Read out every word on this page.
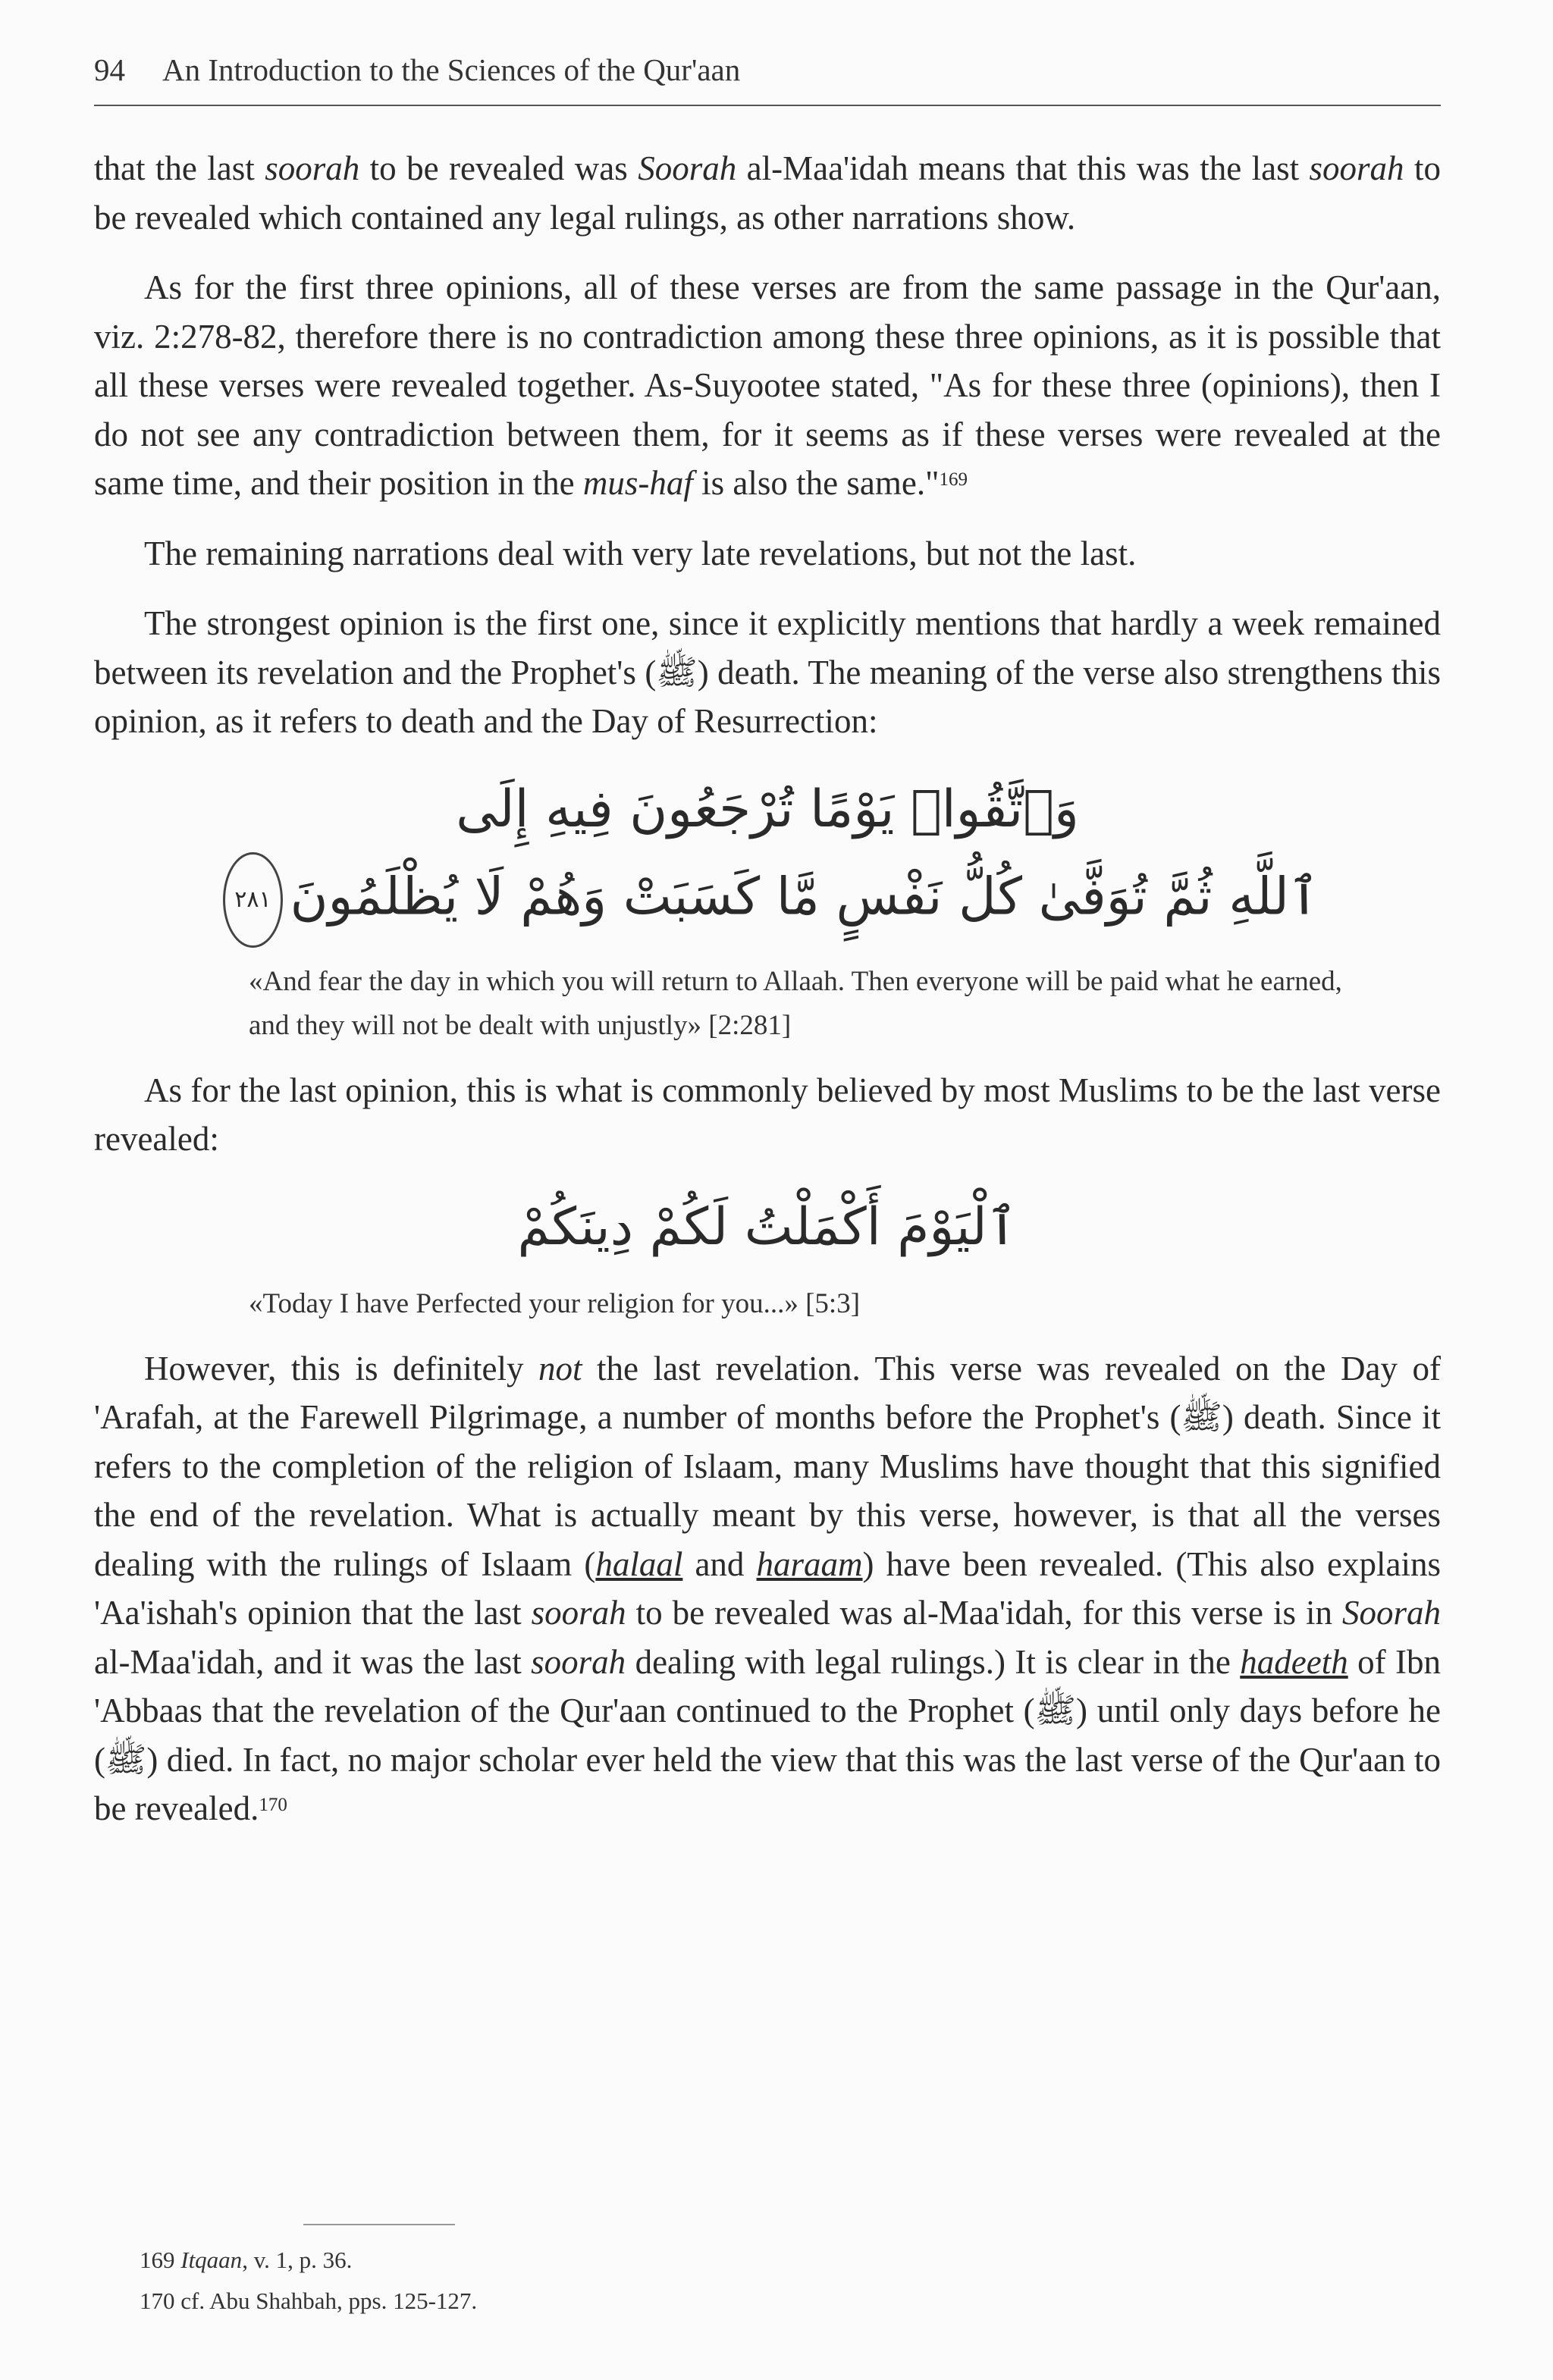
94 An Introduction to the Sciences of the Qur'aan

that the last soorah to be revealed was Soorah al-Maa'idah means that this was the last soorah to be revealed which contained any legal rulings, as other narrations show.

As for the first three opinions, all of these verses are from the same passage in the Qur'aan, viz. 2:278-82, therefore there is no contradiction among these three opinions, as it is possible that all these verses were revealed together. As-Suyootee stated, "As for these three (opinions), then I do not see any contradiction between them, for it seems as if these verses were revealed at the same time, and their position in the mus-haf is also the same."$^{169}$

The remaining narrations deal with very late revelations, but not the last.

The strongest opinion is the first one, since it explicitly mentions that hardly a week remained between its revelation and the Prophet's (ﷺ) death. The meaning of the verse also strengthens this opinion, as it refers to death and the Day of Resurrection:

وَٱتَّقُوا۟ يَوْمًا تُرْجَعُونَ فِيهِ إِلَى
ٱللَّهِ ثُمَّ تُوَفَّىٰ كُلُّ نَفْسٍ مَّا كَسَبَتْ وَهُمْ لَا يُظْلَمُونَ٢٨١
«And fear the day in which you will return to Allaah. Then everyone will be paid what he earned, and they will not be dealt with unjustly» [2:281]

As for the last opinion, this is what is commonly believed by most Muslims to be the last verse revealed:

ٱلْيَوْمَ أَكْمَلْتُ لَكُمْ دِينَكُمْ
«Today I have Perfected your religion for you...» [5:3]

However, this is definitely not the last revelation. This verse was revealed on the Day of 'Arafah, at the Farewell Pilgrimage, a number of months before the Prophet's (ﷺ) death. Since it refers to the completion of the religion of Islaam, many Muslims have thought that this signified the end of the revelation. What is actually meant by this verse, however, is that all the verses dealing with the rulings of Islaam (halaal and haraam) have been revealed. (This also explains 'Aa'ishah's opinion that the last soorah to be revealed was al-Maa'idah, for this verse is in Soorah al-Maa'idah, and it was the last soorah dealing with legal rulings.) It is clear in the hadeeth of Ibn 'Abbaas that the revelation of the Qur'aan continued to the Prophet (ﷺ) until only days before he (ﷺ) died. In fact, no major scholar ever held the view that this was the last verse of the Qur'aan to be revealed.$^{170}$

169 Itqaan, v. 1, p. 36.

170 cf. Abu Shahbah, pps. 125-127.
